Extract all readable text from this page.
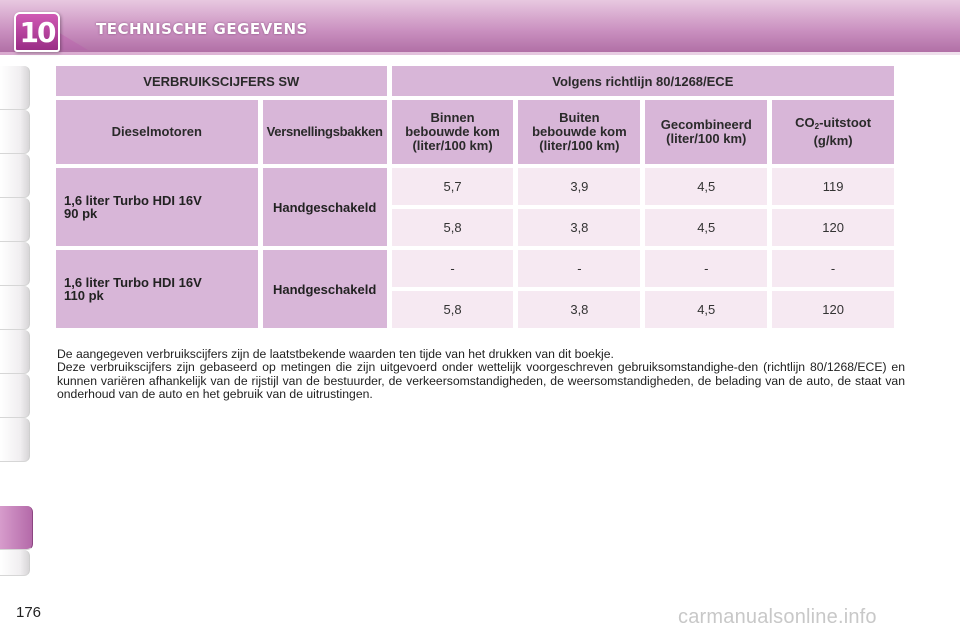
10	TECHNISCHE GEGEVENS
VERBRUIKSCIJFERS SW		Volgens richtlijn 80/1268/ECE			
Dieselmotoren	Versnellingsbakken	Binnen
bebouwde kom
(liter/100 km)	Buiten
bebouwde kom
(liter/100 km)	Gecombineerd
(liter/100 km)	$CO_2$-uitstoot
(g/km)
1,6 liter Turbo HDI 16V
90 pk	Handgeschakeld	5,7	3,9	4,5	119
		5,8	3,8	4,5	120
1,6 liter Turbo HDI 16V
110 pk	Handgeschakeld	-	-	-	-
		5,8	3,8	4,5	120

De aangegeven verbruikscijfers zijn de laatstbekende waarden ten tijde van het drukken van dit boekje.

Deze verbruikscijfers zijn gebaseerd op metingen die zijn uitgevoerd onder wettelijk voorgeschreven gebruiksomstandighe-den (richtlijn 80/1268/ECE) en kunnen variëren afhankelijk van de rijstijl van de bestuurder, de verkeersomstandigheden, de weersomstandigheden, de belading van de auto, de staat van onderhoud van de auto en het gebruik van de uitrustingen.

176	carmanualsonline.info
